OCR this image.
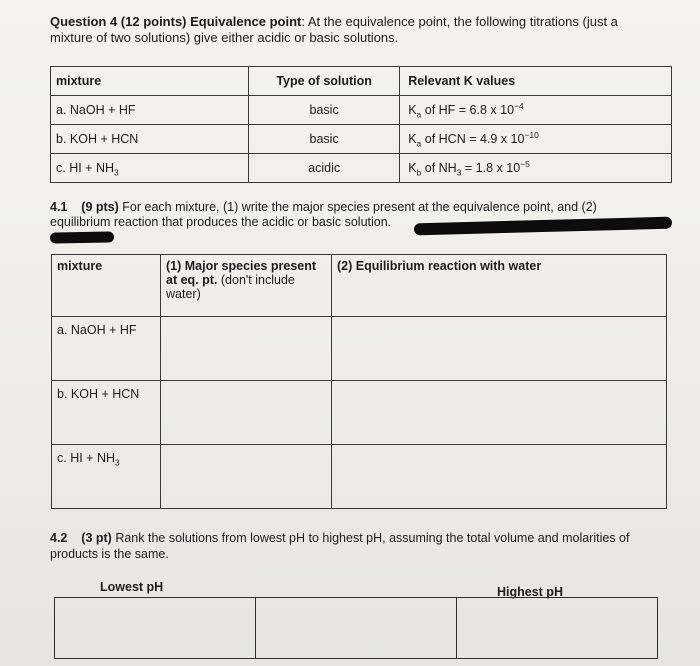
Question 4 (12 points) Equivalence point: At the equivalence point, the following titrations (just a mixture of two solutions) give either acidic or basic solutions.
mixture	Type of solution	Relevant K values
a. NaOH + HF	basic	$K_a$ of HF = 6.8 x $10^{-4}$
b. KOH + HCN	basic	$K_a$ of HCN = 4.9 x $10^{-10}$
c. HI + $NH_3$	acidic	$K_b$ of $NH_3 = 1.8$ x $10^{-5}$
4.1 (9 pts) For each mixture, (1) write the major species present at the equivalence point, and (2) equilibrium reaction that produces the acidic or basic solution.
mixture	(1) Major species present at eq. pt. (don't include water)	(2) Equilibrium reaction with water
a. NaOH + HF		
b. KOH + HCN		
c. HI + $NH_3$		
4.2 (3 pt) Rank the solutions from lowest pH to highest pH, assuming the total volume and molarities of products is the same.
Lowest pH	Highest pH
